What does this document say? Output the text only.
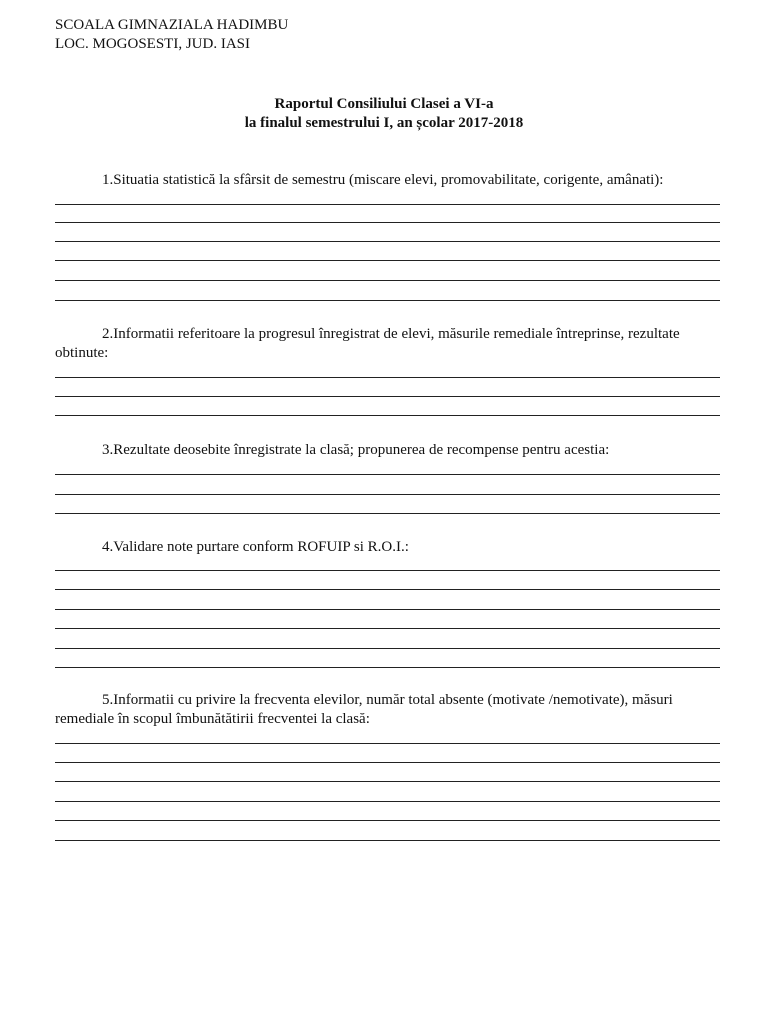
SCOALA GIMNAZIALA HADIMBU
LOC. MOGOSESTI, JUD. IASI
Raportul Consiliului Clasei a VI-a
la finalul semestrului I, an școlar 2017-2018
1.Situatia statistică la sfârsit de semestru (miscare elevi, promovabilitate, corigente, amânati):
2.Informatii referitoare la progresul înregistrat de elevi, măsurile remediale întreprinse, rezultate
obtinute:
3.Rezultate deosebite înregistrate la clasă; propunerea de recompense pentru acestia:
4.Validare note purtare conform ROFUIP si R.O.I.:
5.Informatii cu privire la frecventa elevilor, număr total absente (motivate /nemotivate), măsuri
remediale în scopul îmbunătătirii frecventei la clasă:
